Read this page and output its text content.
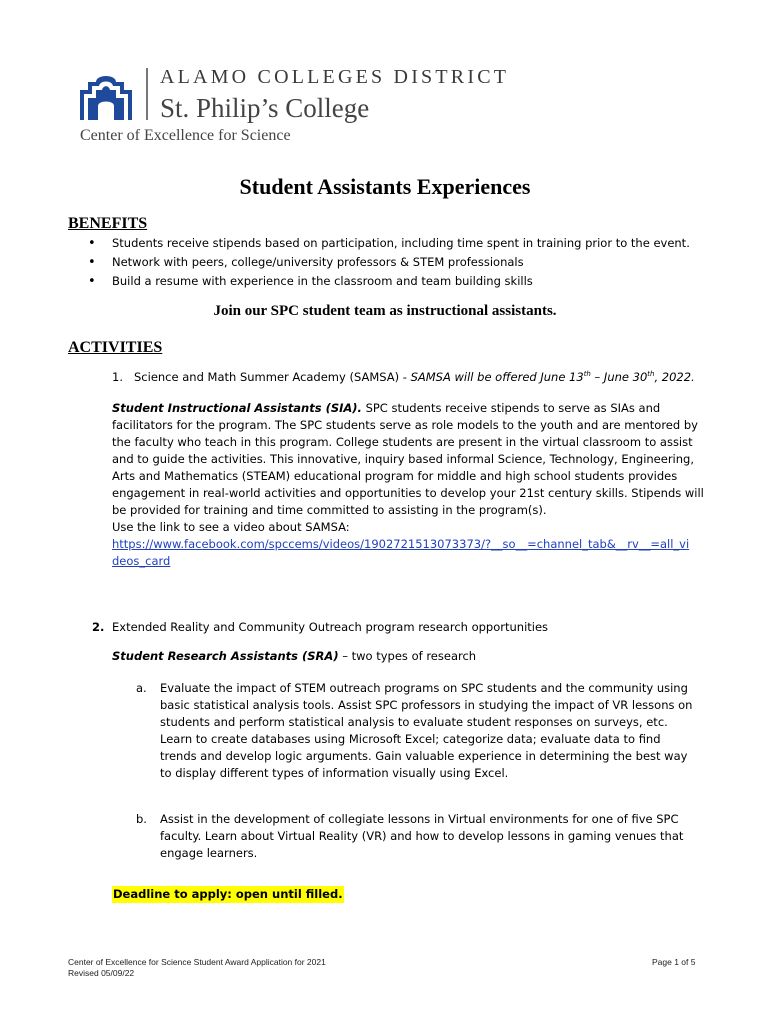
ALAMO COLLEGES DISTRICT
St. Philip’s College
Center of Excellence for Science
Student Assistants Experiences
BENEFITS
• Students receive stipends based on participation, including time spent in training prior to the event.
• Network with peers, college/university professors & STEM professionals
• Build a resume with experience in the classroom and team building skills
Join our SPC student team as instructional assistants.
ACTIVITIES
1. Science and Math Summer Academy (SAMSA) - SAMSA will be offered June 13th – June 30th, 2022.
Student Instructional Assistants (SIA). SPC students receive stipends to serve as SIAs and facilitators for the program. The SPC students serve as role models to the youth and are mentored by the faculty who teach in this program. College students are present in the virtual classroom to assist and to guide the activities. This innovative, inquiry based informal Science, Technology, Engineering, Arts and Mathematics (STEAM) educational program for middle and high school students provides engagement in real-world activities and opportunities to develop your 21st century skills. Stipends will be provided for training and time committed to assisting in the program(s).
Use the link to see a video about SAMSA:
https://www.facebook.com/spccems/videos/1902721513073373/?__so__=channel_tab&__rv__=all_vi
deos_card
2. Extended Reality and Community Outreach program research opportunities
Student Research Assistants (SRA) – two types of research
a. Evaluate the impact of STEM outreach programs on SPC students and the community using basic statistical analysis tools. Assist SPC professors in studying the impact of VR lessons on students and perform statistical analysis to evaluate student responses on surveys, etc. Learn to create databases using Microsoft Excel; categorize data; evaluate data to find trends and develop logic arguments. Gain valuable experience in determining the best way to display different types of information visually using Excel.
b. Assist in the development of collegiate lessons in Virtual environments for one of five SPC faculty. Learn about Virtual Reality (VR) and how to develop lessons in gaming venues that engage learners.
Deadline to apply: open until filled.
Center of Excellence for Science Student Award Application for 2021
Revised 05/09/22
Page 1 of 5
